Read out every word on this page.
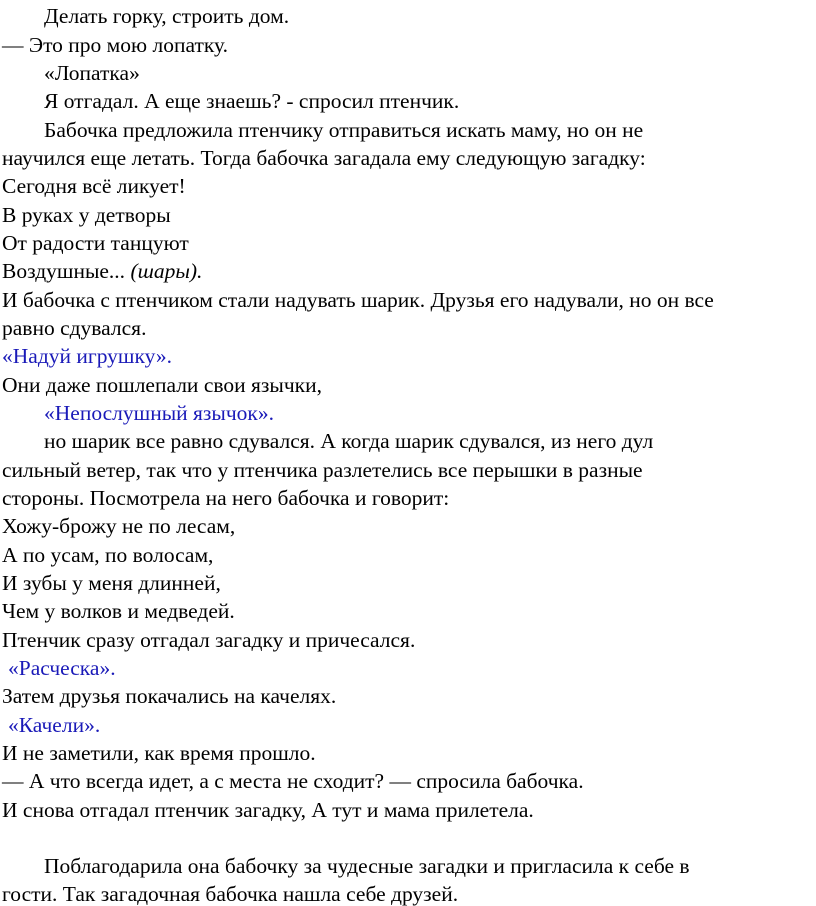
Делать горку, строить дом.
— Это про мою лопатку.
«Лопатка»
Я отгадал. А еще знаешь? - спросил птенчик.
Бабочка предложила птенчику отправиться искать маму, но он не
научился еще летать. Тогда бабочка загадала ему следующую загадку:
Сегодня всё ликует!
В руках у детворы
От радости танцуют
Воздушные... (шары).
И бабочка с птенчиком стали надувать шарик. Друзья его надували, но он все
равно сдувался.
«Надуй игрушку».
Они даже пошлепали свои язычки,
«Непослушный язычок».
но шарик все равно сдувался. А когда шарик сдувался, из него дул
сильный ветер, так что у птенчика разлетелись все перышки в разные
стороны. Посмотрела на него бабочка и говорит:
Хожу-брожу не по лесам,
А по усам, по волосам,
И зубы у меня длинней,
Чем у волков и медведей.
Птенчик сразу отгадал загадку и причесался.
«Расческа».
Затем друзья покачались на качелях.
«Качели».
И не заметили, как время прошло.
— А что всегда идет, а с места не сходит? — спросила бабочка.
И снова отгадал птенчик загадку, А тут и мама прилетела.
Поблагодарила она бабочку за чудесные загадки и пригласила к себе в
гости. Так загадочная бабочка нашла себе друзей.
